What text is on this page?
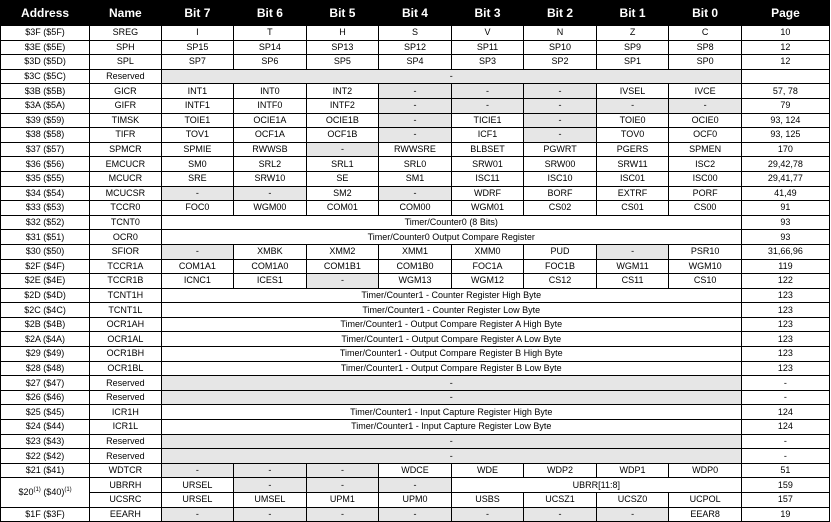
Address	Name	Bit 7	Bit 6	Bit 5	Bit 4	Bit 3	Bit 2	Bit 1	Bit 0	Page
$3F ($5F)	SREG	I	T	H	S	V	N	Z	C	10
$3E ($5E)	SPH	SP15	SP14	SP13	SP12	SP11	SP10	SP9	SP8	12
$3D ($5D)	SPL	SP7	SP6	SP5	SP4	SP3	SP2	SP1	SP0	12
$3C ($5C)	Reserved	-								
$3B ($5B)	GICR	INT1	INT0	INT2	-	-	-	IVSEL	IVCE	57, 78
$3A ($5A)	GIFR	INTF1	INTF0	INTF2	-	-	-	-	-	79
$39 ($59)	TIMSK	TOIE1	OCIE1A	OCIE1B	-	TICIE1	-	TOIE0	OCIE0	93, 124
$38 ($58)	TIFR	TOV1	OCF1A	OCF1B	-	ICF1	-	TOV0	OCF0	93, 125
$37 ($57)	SPMCR	SPMIE	RWWSB	-	RWWSRE	BLBSET	PGWRT	PGERS	SPMEN	170
$36 ($56)	EMCUCR	SM0	SRL2	SRL1	SRL0	SRW01	SRW00	SRW11	ISC2	29,42,78
$35 ($55)	MCUCR	SRE	SRW10	SE	SM1	ISC11	ISC10	ISC01	ISC00	29,41,77
$34 ($54)	MCUCSR	-	-	SM2	-	WDRF	BORF	EXTRF	PORF	41,49
$33 ($53)	TCCR0	FOC0	WGM00	COM01	COM00	WGM01	CS02	CS01	CS00	91
$32 ($52)	TCNT0	Timer/Counter0 (8 Bits)								93
$31 ($51)	OCR0	Timer/Counter0 Output Compare Register								93
$30 ($50)	SFIOR	-	XMBK	XMM2	XMM1	XMM0	PUD	-	PSR10	31,66,96
$2F ($4F)	TCCR1A	COM1A1	COM1A0	COM1B1	COM1B0	FOC1A	FOC1B	WGM11	WGM10	119
$2E ($4E)	TCCR1B	ICNC1	ICES1	-	WGM13	WGM12	CS12	CS11	CS10	122
$2D ($4D)	TCNT1H	Timer/Counter1 - Counter Register High Byte								123
$2C ($4C)	TCNT1L	Timer/Counter1 - Counter Register Low Byte								123
$2B ($4B)	OCR1AH	Timer/Counter1 - Output Compare Register A High Byte								123
$2A ($4A)	OCR1AL	Timer/Counter1 - Output Compare Register A Low Byte								123
$29 ($49)	OCR1BH	Timer/Counter1 - Output Compare Register B High Byte								123
$28 ($48)	OCR1BL	Timer/Counter1 - Output Compare Register B Low Byte								123
$27 ($47)	Reserved	-								-
$26 ($46)	Reserved	-								-
$25 ($45)	ICR1H	Timer/Counter1 - Input Capture Register High Byte								124
$24 ($44)	ICR1L	Timer/Counter1 - Input Capture Register Low Byte								124
$23 ($43)	Reserved	-								-
$22 ($42)	Reserved	-								-
$21 ($41)	WDTCR	-	-	-	WDCE	WDE	WDP2	WDP1	WDP0	51
$20$^{(1)}$ ($40)$^{(1)}$	UBRRH	URSEL	-	-	-	UBRR[11:8]				159
	UCSRC	URSEL	UMSEL	UPM1	UPM0	USBS	UCSZ1	UCSZ0	UCPOL	157
$1F ($3F)	EEARH	-	-	-	-	-	-	-	EEAR8	19
